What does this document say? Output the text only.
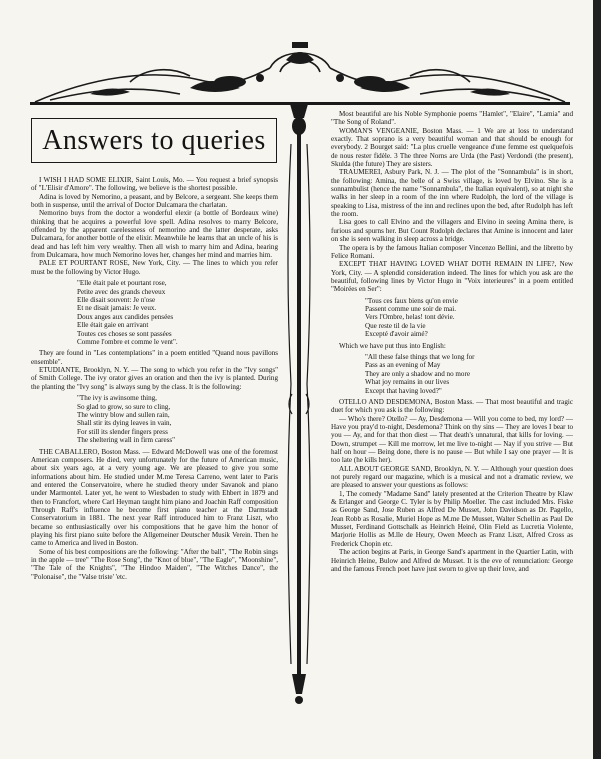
Answers to queries

I WISH I HAD SOME ELIXIR, Saint Louis, Mo. — You request a brief synopsis of "L'Elisir d'Amore". The following, we believe is the shortest possible.

Adina is loved by Nemorino, a peasant, and by Belcore, a sergeant. She keeps them both in suspense, until the arrival of Doctor Dulcamara the charlatan.

Nemorino buys from the doctor a wonderful elexir (a bottle of Bordeaux wine) thinking that he acquires a powerful love spell. Adina resolves to marry Belcore, offended by the apparent carelessness of nemorino and the latter desperate, asks Dulcamara, for another bottle of the elixir. Meanwhile he learns that an uncle of his is dead and has left him very wealthy. Then all wish to marry him and Adina, hearing from Dulcamara, how much Nemorino loves her, changes her mind and marries him.

PALE ET POURTANT ROSE, New York, City. — The lines to which you refer must be the following by Victor Hugo.

"Elle était pale et pourtant rose,
Petite avec des grands cheveux
Elle disait souvent: Je n'ose
Et ne disait jamais: Je veux.
Doux anges aux candides pensées
Elle était gaie en arrivant
Toutes ces choses se sont passées
Comme l'ombre et comme le vent".

They are found in "Les contemplations" in a poem entitled "Quand nous pavillons ensemble".

ETUDIANTE, Brooklyn, N. Y. — The song to which you refer in the "Ivy songs" of Smith College. The ivy orator gives an oration and then the ivy is planted. During the planting the "Ivy song" is always sung by the class. It is the following:

"The ivy is awinsome thing,
So glad to grow, so sure to cling,
The wintry blow and sullen rain,
Shall stir its dying leaves in vain,
For still its slender fingers press
The sheltering wall in firm caress"

THE CABALLERO, Boston Mass. — Edward McDowell was one of the foremost American composers. He died, very unfortunately for the future of American music, about six years ago, at a very young age. We are pleased to give you some informations about him. He studied under M.me Teresa Carreno, went later to Paris and entered the Conservatoire, where he studied theory under Savanok and piano under Marmontel. Later yet, he went to Wiesbaden to study with Ehbert in 1879 and then to Francfort, where Carl Heyman taught him piano and Joachin Raff composition Through Raff's influence he become first piano teacher at the Darmstadt Conservatorium in 1881. The next year Raff introduced him to Franz Liszt, who became so enthusiastically over his compositions that he gave him the honor of playing his first piano suite before the Allgemeiner Deutscher Musik Verein. Then he came to America and lived in Boston.

Some of his best compositions are the following: "After the ball", "The Robin sings in the apple — tree" "The Rose Song", the "Knot of blue", "The Eagle", "Moonshine", "The Tale of the Knights", "The Hindoo Maiden", "The Witches Dance", the "Polonaise", the "Valse triste' 'etc.

Most beautiful are his Noble Symphonie poems "Hamlet", "Elaire", "Lamia" and "The Song of Roland".

WOMAN'S VENGEANIE, Boston Mass. — 1 We are at loss to understand exactly. That soprano is a very beautiful woman and that should be enough for everybody. 2 Bourget said: "La plus cruelle vengeance d'une femme est quelquefois de nous rester fidèle. 3 The three Norns are Urda (the Past) Verdondi (the present), Skulda (the future) They are sisters.

TRAUMEREI, Asbury Park, N. J. — The plot of the "Sonnambula" is in short, the following: Amina, the belle of a Swiss village, is loved by Elvino. She is a sonnambulist (hence the name "Sonnambula", the Italian equivalent), so at night she walks in her sleep in a room of the inn where Rudolph, the lord of the village is speaking to Lisa, mistress of the inn and reclines upon the bed, after Rudolph has left the room.

Lisa goes to call Elvino and the villagers and Elvino in seeing Amina there, is furious and spurns her. But Count Rudolph declares that Amine is innocent and later on she is seen walking in sleep across a bridge.

The opera is by the famous Italian composer Vincenzo Bellini, and the libretto by Felice Romani.

EXCEPT THAT HAVING LOVED WHAT DOTH REMAIN IN LIFE?, New York, City. — A splendid consideration indeed. The lines for which you ask are the beautiful, following lines by Victor Hugo in "Voix interieures" in a poem entitled "Moirées en Ser":

"Tous ces faux biens qu'on envie
Passent comme une soir de mai.
Vers l'Ombre, helas! tont dévie.
Que reste til de la vie
Excepté d'avoir aimé?

Which we have put thus into English:

"All these false things that we long for
Pass as an evening of May
They are only a shadow and no more
What joy remains in our lives
Except that having loved?"

OTELLO AND DESDEMONA, Boston Mass. — That most beautiful and tragic duet for which you ask is the following:

— Who's there? Otello? — Ay, Desdemona — Will you come to bed, my lord? — Have you pray'd to-night, Desdemona? Think on thy sins — They are loves I bear to you — Ay, and for that thon diest — That death's unnatural, that kills for loving. — Down, strumpet — Kill me morrow, let me live to-night — Nay if you strive — But half on hour — Being done, there is no pause — But while I say one prayer — It is too late (he kills her).

ALL ABOUT GEORGE SAND, Brooklyn, N. Y. — Although your question does not purely regard our magazine, which is a musical and not a dramatic review, we are pleased to answer your questions as follows:

1, The comedy "Madame Sand" lately presented at the Criterion Theatre by Klaw & Erlanger and George C. Tyler is by Philip Moeller. The cast included Mrs. Fiske as George Sand, Jose Ruben as Alfred De Musset, John Davidson as Dr. Pagello, Jean Robb as Rosalie, Muriel Hope as M.me De Musset, Walter Schellin as Paul De Musset, Ferdinand Gottschalk as Heinrich Heiné, Olin Field as Lucretia Violente, Marjorie Hollis as M.lle de Heury, Owen Meech as Franz Liszt, Alfred Cross as Frederick Chopin etc.

The action begins at Paris, in George Sand's apartment in the Quartier Latin, with Heinrich Heine, Bulow and Alfred de Musset. It is the eve of renunciation: George and the famous French poet have just sworn to give up their love, and
